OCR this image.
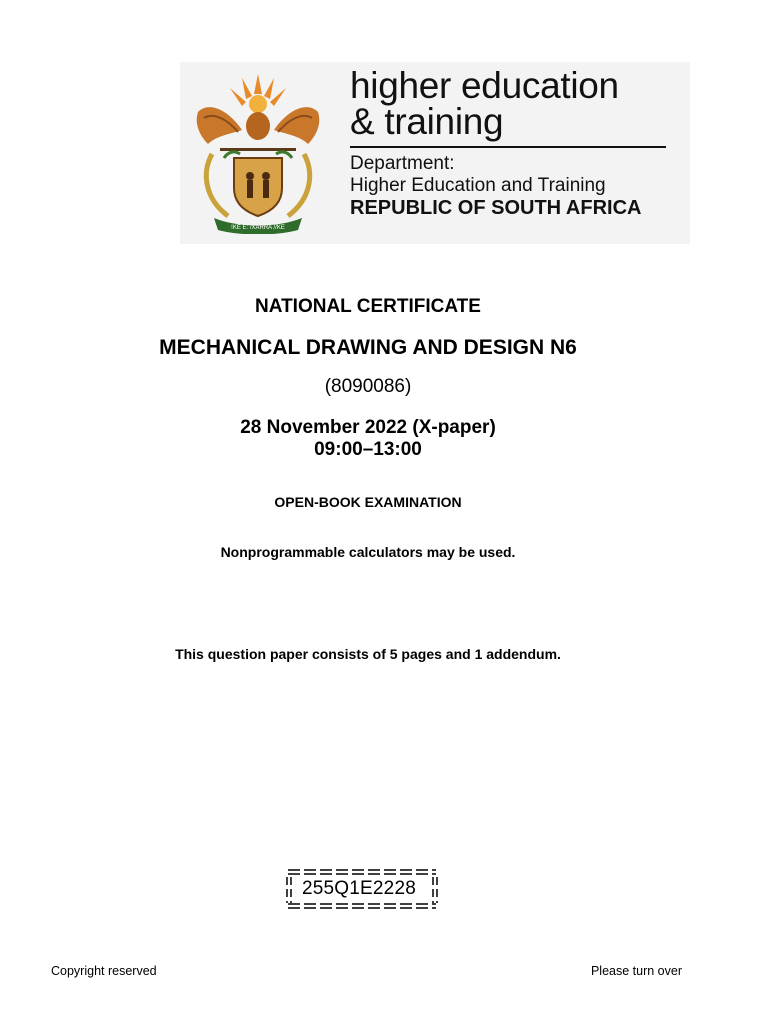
!KE E: /XARRA //KE
higher education
& training
Department:
Higher Education and Training
REPUBLIC OF SOUTH AFRICA
NATIONAL CERTIFICATE
MECHANICAL DRAWING AND DESIGN N6
(8090086)
28 November 2022 (X-paper)
09:00–13:00
OPEN-BOOK EXAMINATION
Nonprogrammable calculators may be used.
This question paper consists of 5 pages and 1 addendum.
255Q1E2228
Copyright reserved	Please turn over
